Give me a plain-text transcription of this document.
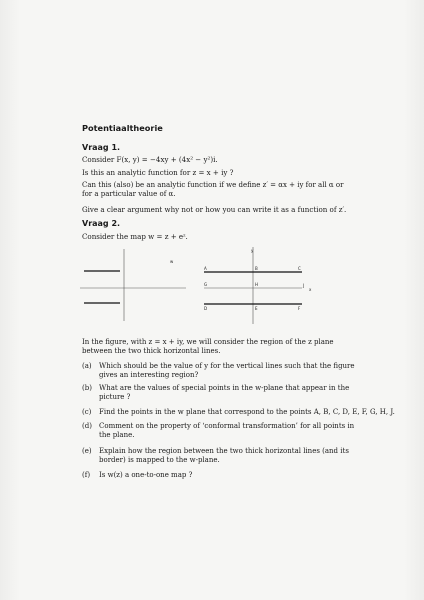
Potentiaaltheorie
Vraag 1.
Consider F(x, y) = −4xy + (4x² − y²)i.
Is this an analytic function for z = x + iy ?
Can this (also) be an analytic function if we define z′ = αx + iy for all α or
for a particular value of α.
Give a clear argument why not or how you can write it as a function of z′.
Vraag 2.
Consider the map w = z + eᶻ.
w
y
A	B	C
G	H	J
x
D	E	F
In the figure, with z = x + iy, we will consider the region of the z plane
between the two thick horizontal lines.
(a) Which should be the value of y for the vertical lines such that the figure
gives an interesting region?
(b) What are the values of special points in the w-plane that appear in the
picture ?
(c) Find the points in the w plane that correspond to the points A, B, C, D, E, F, G, H, J.
(d) Comment on the property of ‘conformal transformation’ for all points in
the plane.
(e) Explain how the region between the two thick horizontal lines (and its
border) is mapped to the w-plane.
(f) Is w(z) a one-to-one map ?
